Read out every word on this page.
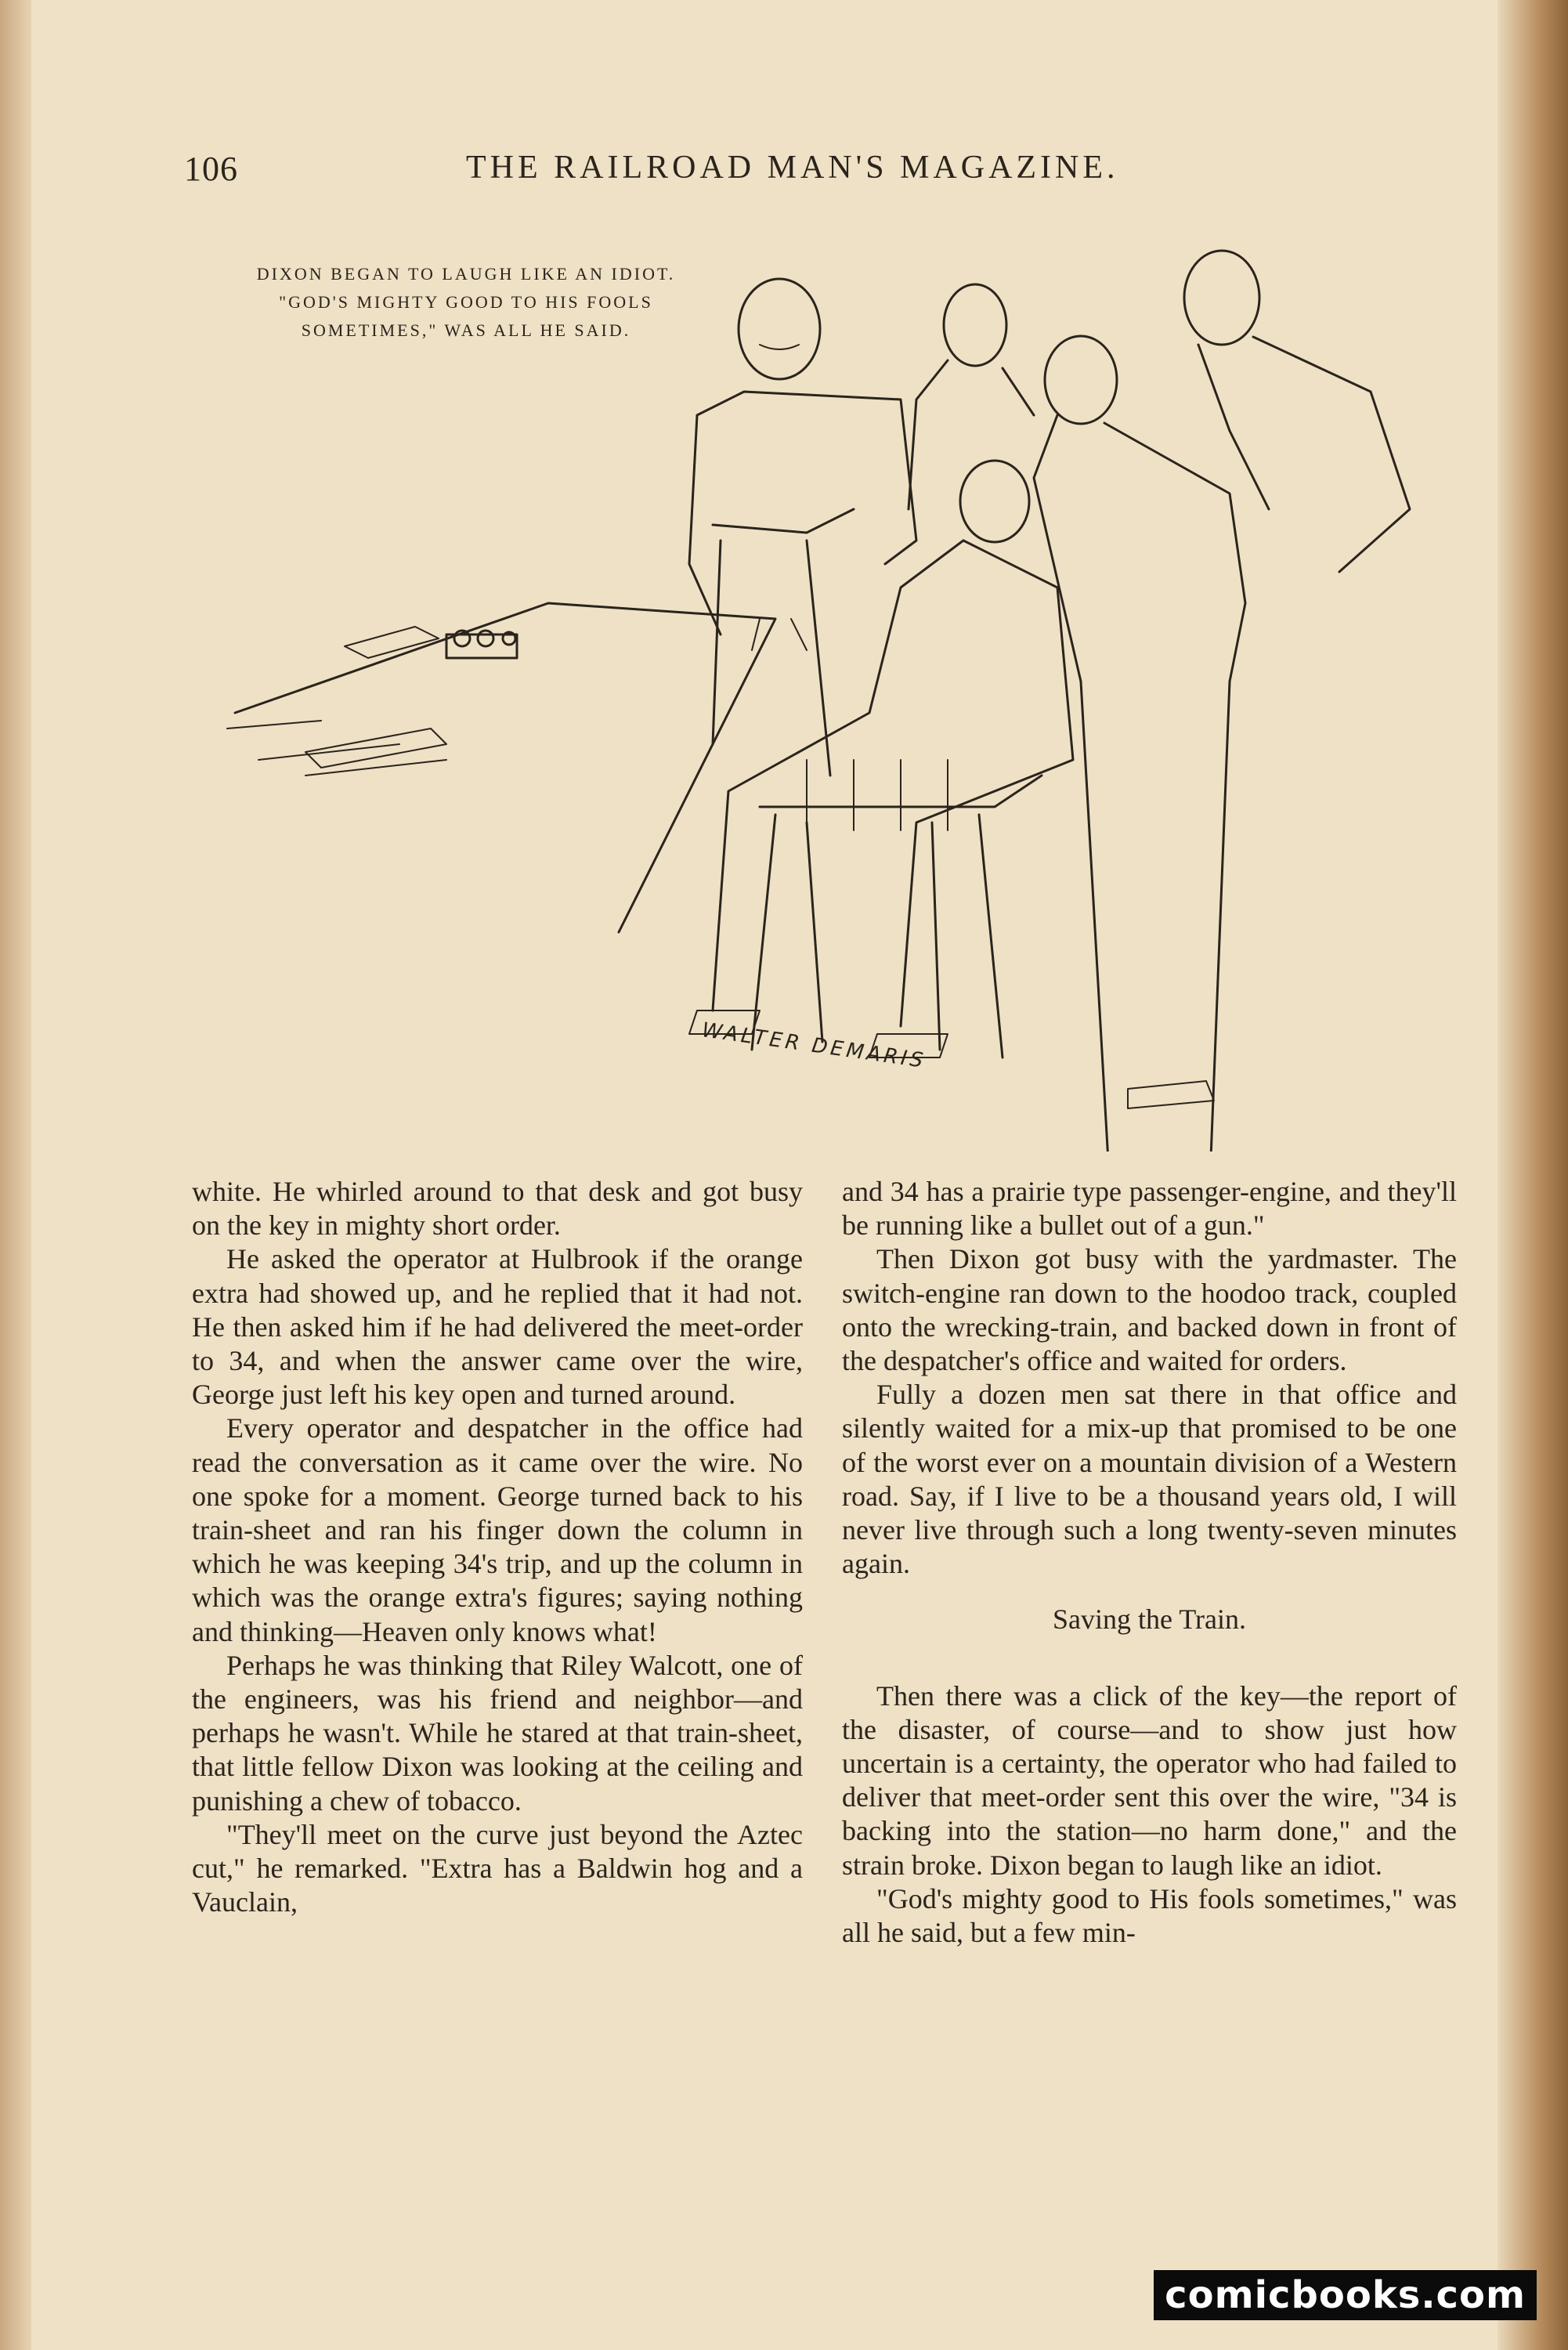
106	THE RAILROAD MAN'S MAGAZINE.
DIXON BEGAN TO LAUGH LIKE AN IDIOT. "GOD'S MIGHTY GOOD TO HIS FOOLS SOMETIMES," WAS ALL HE SAID.
WALTER DEMARIS

white. He whirled around to that desk and got busy on the key in mighty short order.

He asked the operator at Hulbrook if the orange extra had showed up, and he replied that it had not. He then asked him if he had delivered the meet-order to 34, and when the answer came over the wire, George just left his key open and turned around.

Every operator and despatcher in the office had read the conversation as it came over the wire. No one spoke for a moment. George turned back to his train-sheet and ran his finger down the column in which he was keeping 34's trip, and up the column in which was the orange extra's figures; saying nothing and thinking—Heaven only knows what!

Perhaps he was thinking that Riley Walcott, one of the engineers, was his friend and neighbor—and perhaps he wasn't. While he stared at that train-sheet, that little fellow Dixon was looking at the ceiling and punishing a chew of tobacco.

"They'll meet on the curve just beyond the Aztec cut," he remarked. "Extra has a Baldwin hog and a Vauclain,

and 34 has a prairie type passenger-engine, and they'll be running like a bullet out of a gun."

Then Dixon got busy with the yardmaster. The switch-engine ran down to the hoodoo track, coupled onto the wrecking-train, and backed down in front of the despatcher's office and waited for orders.

Fully a dozen men sat there in that office and silently waited for a mix-up that promised to be one of the worst ever on a mountain division of a Western road. Say, if I live to be a thousand years old, I will never live through such a long twenty-seven minutes again.

Saving the Train.

Then there was a click of the key—the report of the disaster, of course—and to show just how uncertain is a certainty, the operator who had failed to deliver that meet-order sent this over the wire, "34 is backing into the station—no harm done," and the strain broke. Dixon began to laugh like an idiot.

"God's mighty good to His fools sometimes," was all he said, but a few min-

comicbooks.com
